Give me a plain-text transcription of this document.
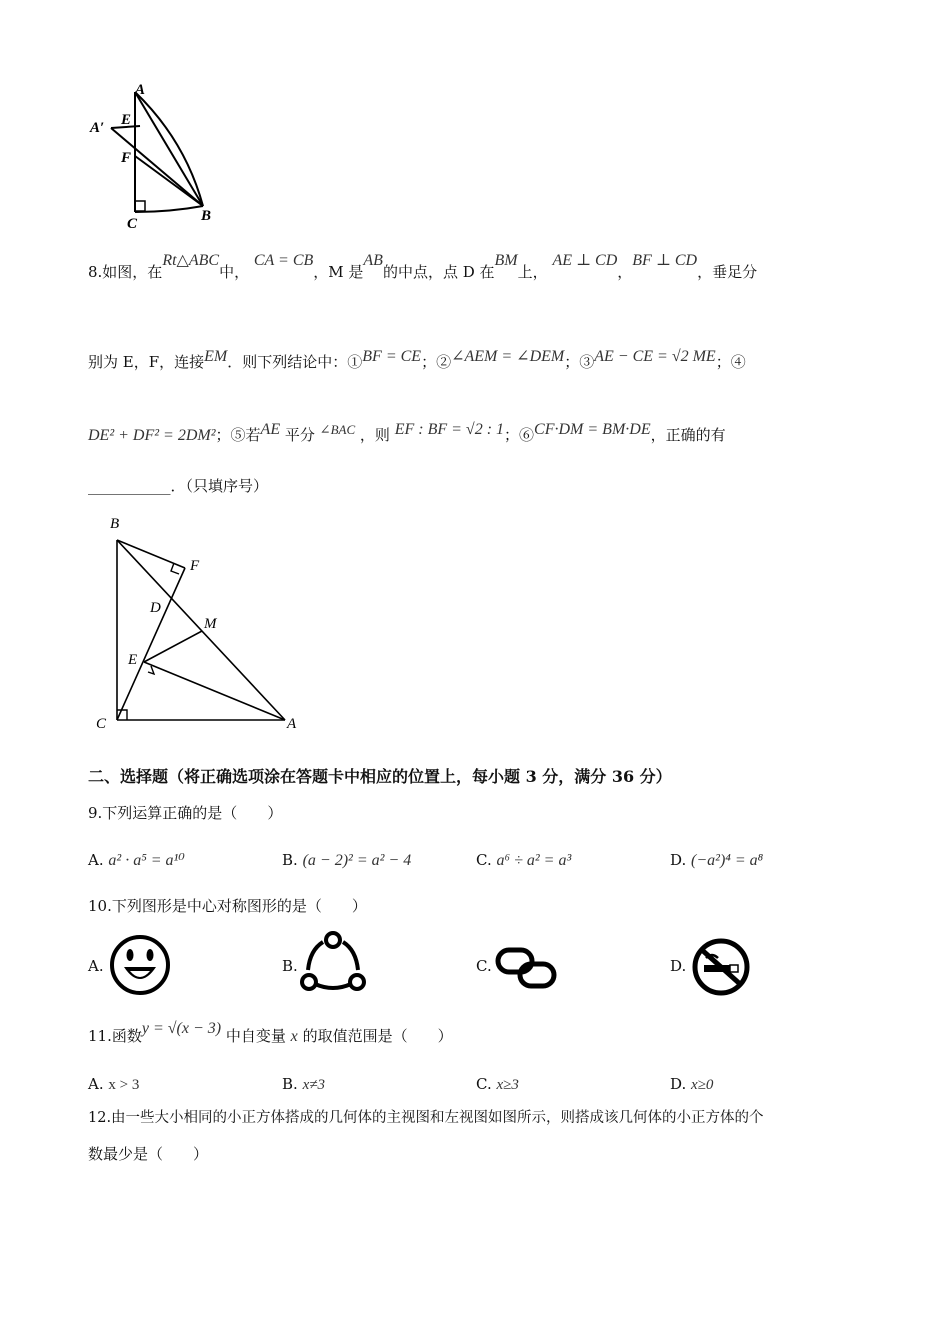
A
A′ E
F
C	B
8.如图，在Rt△ABC中， CA = CB，M 是AB的中点，点 D 在BM上， AE ⊥ CD，BF ⊥ CD，垂足分
别为 E，F，连接EM．则下列结论中：①BF = CE；②∠AEM = ∠DEM；③AE − CE = √2 ME；④
DE² + DF² = 2DM²；⑤若AE 平分 ∠BAC ，则 EF : BF = √2 : 1；⑥CF·DM = BM·DE，正确的有
___________．（只填序号）
B
F
D
M
E
C	A
二、选择题（将正确选项涂在答题卡中相应的位置上，每小题 3 分，满分 36 分）
9.下列运算正确的是（　　）
A. a² · a⁵ = a¹⁰	B. (a − 2)² = a² − 4	C. a⁶ ÷ a² = a³	D. (−a²)⁴ = a⁸
10.下列图形是中心对称图形的是（　　）
A.	B.	C.	D.
11.函数y = √(x − 3) 中自变量 x 的取值范围是（　　）
A. x > 3	B. x≠3	C. x≥3	D. x≥0
12.由一些大小相同的小正方体搭成的几何体的主视图和左视图如图所示，则搭成该几何体的小正方体的个
数最少是（　　）
